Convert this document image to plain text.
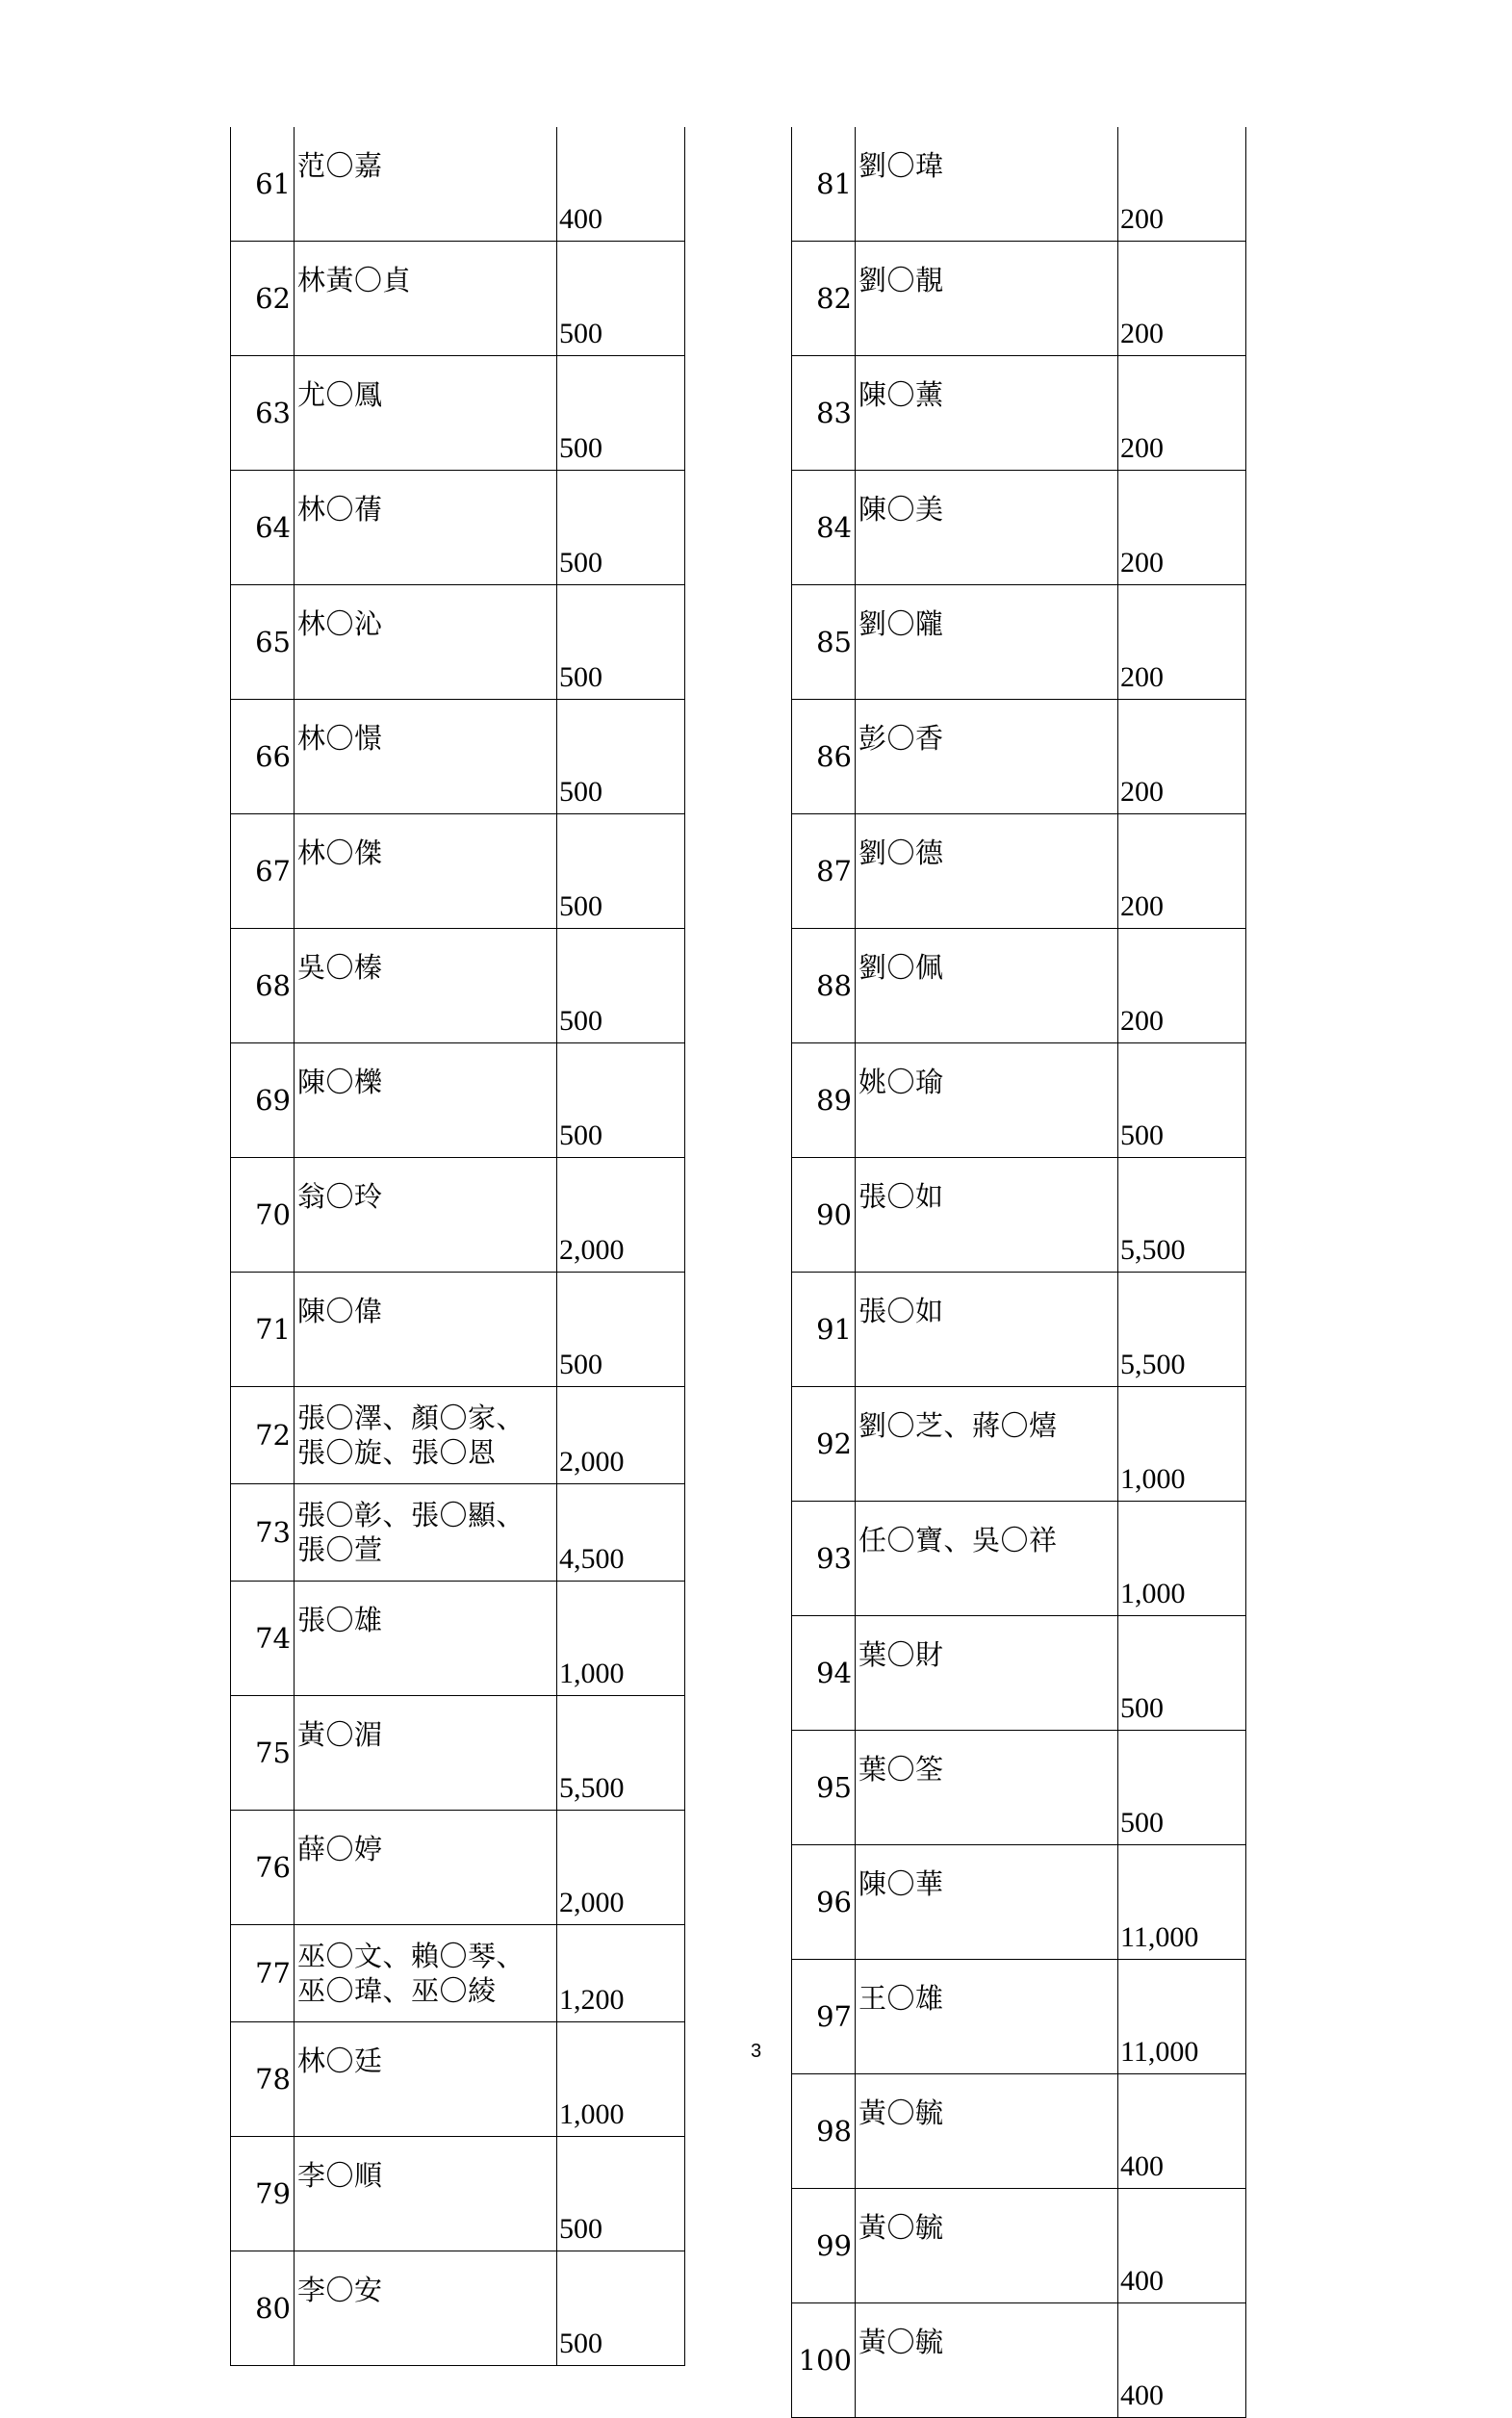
61	范〇嘉	400
62	林黃〇貞	500
63	尤〇鳳	500
64	林〇蒨	500
65	林〇沁	500
66	林〇憬	500
67	林〇傑	500
68	吳〇榛	500
69	陳〇櫟	500
70	翁〇玲	2,000
71	陳〇偉	500
72	張〇澤、顏〇家、
張〇旋、張〇恩	2,000
73	張〇彰、張〇顯、
張〇萱	4,500
74	張〇雄	1,000
75	黃〇湄	5,500
76	薛〇婷	2,000
77	巫〇文、賴〇琴、
巫〇瑋、巫〇綾	1,200
78	林〇廷	1,000
79	李〇順	500
80	李〇安	500
81	劉〇瑋	200
82	劉〇靚	200
83	陳〇薰	200
84	陳〇美	200
85	劉〇隴	200
86	彭〇香	200
87	劉〇德	200
88	劉〇佩	200
89	姚〇瑜	500
90	張〇如	5,500
91	張〇如	5,500
92	劉〇芝、蔣〇熺	1,000
93	任〇寶、吳〇祥	1,000
94	葉〇財	500
95	葉〇筌	500
96	陳〇華	11,000
97	王〇雄	11,000
98	黃〇毓	400
99	黃〇毓	400
100	黃〇毓	400
3
